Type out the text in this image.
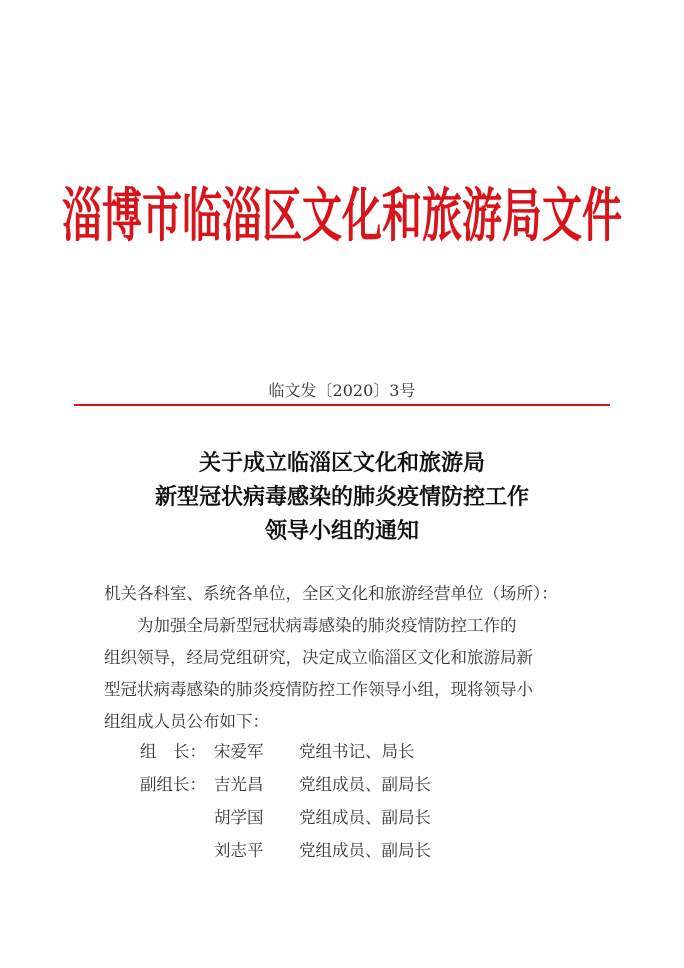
淄博市临淄区文化和旅游局文件
临文发〔2020〕3号
关于成立临淄区文化和旅游局
新型冠状病毒感染的肺炎疫情防控工作
领导小组的通知

机关各科室、系统各单位，全区文化和旅游经营单位（场所）：

为加强全局新型冠状病毒感染的肺炎疫情防控工作的

组织领导，经局党组研究，决定成立临淄区文化和旅游局新

型冠状病毒感染的肺炎疫情防控工作领导小组，现将领导小

组组成人员公布如下：

组　长： 宋爱军 党组书记、局长
副组长： 吉光昌 党组成员、副局长
胡学国 党组成员、副局长
刘志平 党组成员、副局长
